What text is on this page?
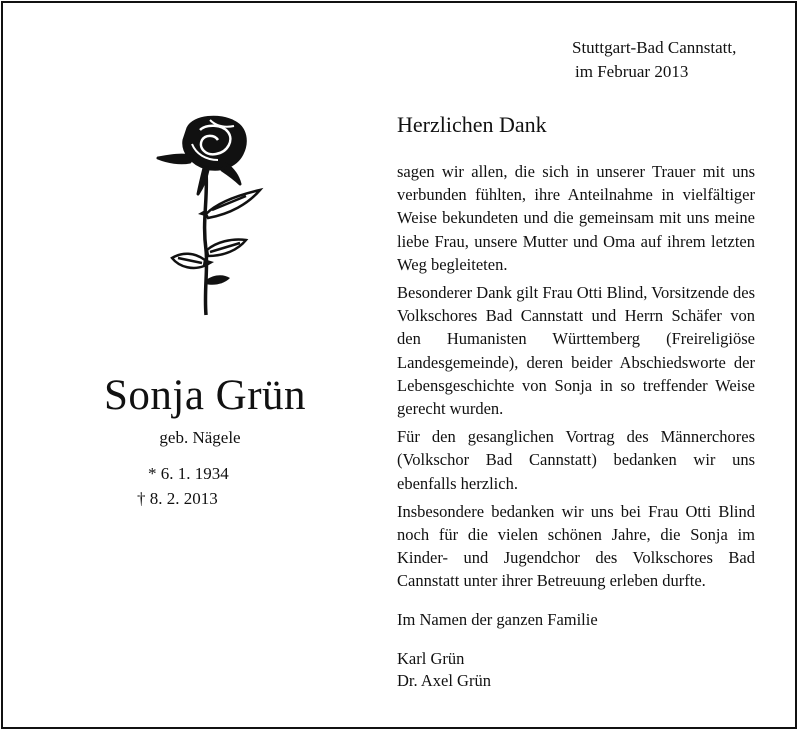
Stuttgart-Bad Cannstatt,
im Februar 2013
Sonja Grün
geb. Nägele
* 6. 1. 1934
† 8. 2. 2013
Herzlichen Dank

sagen wir allen, die sich in unserer Trauer mit uns verbunden fühlten, ihre Anteilnahme in vielfältiger Weise bekundeten und die gemeinsam mit uns meine liebe Frau, unsere Mutter und Oma auf ihrem letzten Weg begleiteten.

Besonderer Dank gilt Frau Otti Blind, Vorsitzende des Volkschores Bad Cannstatt und Herrn Schäfer von den Humanisten Württemberg (Freireligiöse Landesgemeinde), deren beider Abschiedsworte der Lebensgeschichte von Sonja in so treffender Weise gerecht wurden.

Für den gesanglichen Vortrag des Männerchores (Volkschor Bad Cannstatt) bedanken wir uns ebenfalls herzlich.

Insbesondere bedanken wir uns bei Frau Otti Blind noch für die vielen schönen Jahre, die Sonja im Kinder- und Jugendchor des Volkschores Bad Cannstatt unter ihrer Betreuung erleben durfte.

Im Namen der ganzen Familie
Karl Grün
Dr. Axel Grün
